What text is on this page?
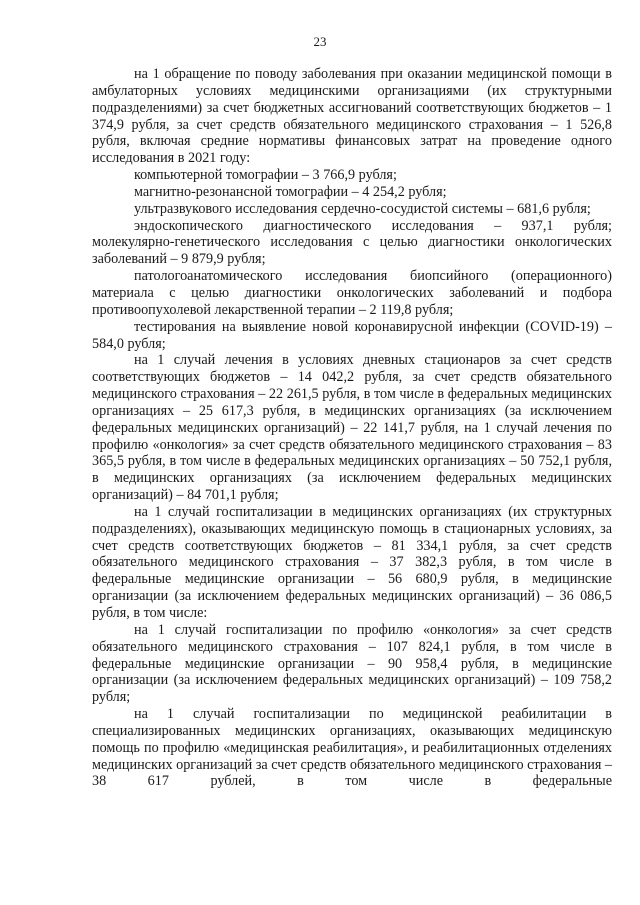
23

на 1 обращение по поводу заболевания при оказании медицинской помощи в амбулаторных условиях медицинскими организациями (их структурными подразделениями) за счет бюджетных ассигнований соответствующих бюджетов – 1 374,9 рубля, за счет средств обязательного медицинского страхования – 1 526,8 рубля, включая средние нормативы финансовых затрат на проведение одного исследования в 2021 году:

компьютерной томографии – 3 766,9 рубля;

магнитно-резонансной томографии – 4 254,2 рубля;

ультразвукового исследования сердечно-сосудистой системы – 681,6 рубля;

эндоскопического диагностического исследования – 937,1 рубля; молекулярно-генетического исследования с целью диагностики онкологических заболеваний – 9 879,9 рубля;

патологоанатомического исследования биопсийного (операционного) материала с целью диагностики онкологических заболеваний и подбора противоопухолевой лекарственной терапии – 2 119,8 рубля;

тестирования на выявление новой коронавирусной инфекции (COVID-19) – 584,0 рубля;

на 1 случай лечения в условиях дневных стационаров за счет средств соответствующих бюджетов – 14 042,2 рубля, за счет средств обязательного медицинского страхования – 22 261,5 рубля, в том числе в федеральных медицинских организациях – 25 617,3 рубля, в медицинских организациях (за исключением федеральных медицинских организаций) – 22 141,7 рубля, на 1 случай лечения по профилю «онкология» за счет средств обязательного медицинского страхования – 83 365,5 рубля, в том числе в федеральных медицинских организациях – 50 752,1 рубля, в медицинских организациях (за исключением федеральных медицинских организаций) – 84 701,1 рубля;

на 1 случай госпитализации в медицинских организациях (их структурных подразделениях), оказывающих медицинскую помощь в стационарных условиях, за счет средств соответствующих бюджетов – 81 334,1 рубля, за счет средств обязательного медицинского страхования – 37 382,3 рубля, в том числе в федеральные медицинские организации – 56 680,9 рубля, в медицинские организации (за исключением федеральных медицинских организаций) – 36 086,5 рубля, в том числе:

на 1 случай госпитализации по профилю «онкология» за счет средств обязательного медицинского страхования – 107 824,1 рубля, в том числе в федеральные медицинские организации – 90 958,4 рубля, в медицинские организации (за исключением федеральных медицинских организаций) – 109 758,2 рубля;

на 1 случай госпитализации по медицинской реабилитации в специализированных медицинских организациях, оказывающих медицинскую помощь по профилю «медицинская реабилитация», и реабилитационных отделениях медицинских организаций за счет средств обязательного медицинского страхования – 38 617 рублей, в том числе в федеральные
